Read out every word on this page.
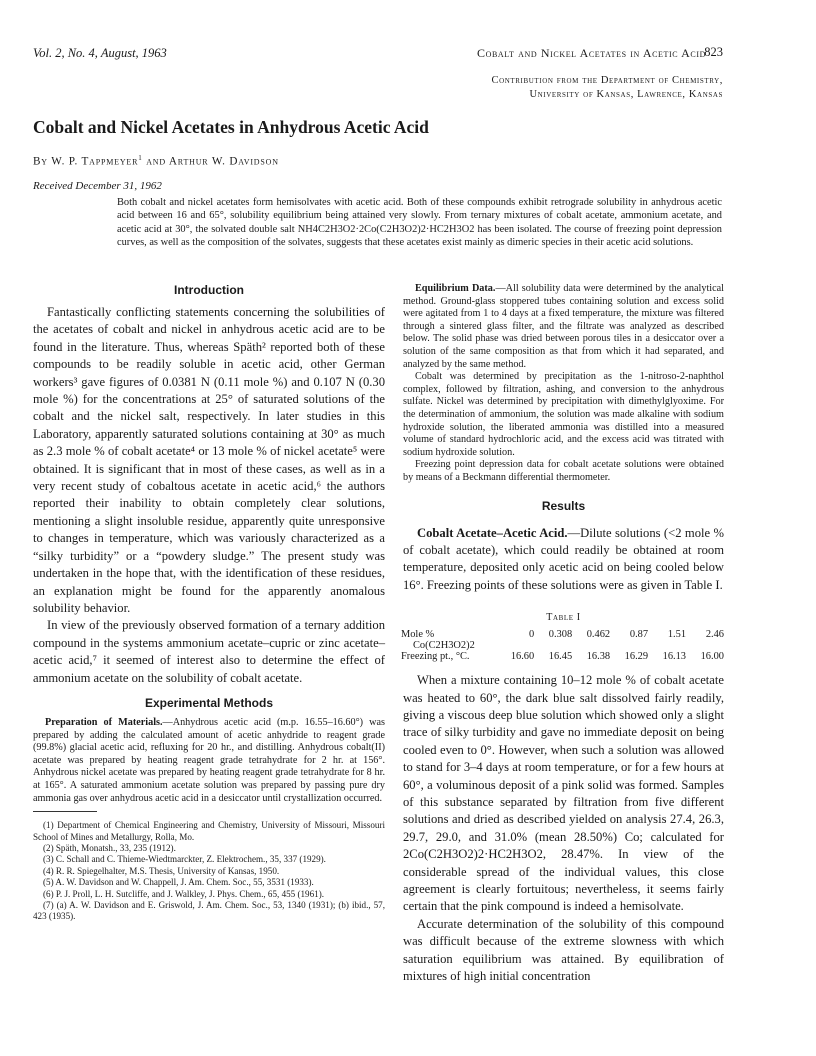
Vol. 2, No. 4, August, 1963	Cobalt and Nickel Acetates in Acetic Acid
823
Contribution from the Department of Chemistry,
University of Kansas, Lawrence, Kansas
Cobalt and Nickel Acetates in Anhydrous Acetic Acid
By W. P. Tappmeyer$^1$ and Arthur W. Davidson
Received December 31, 1962
Both cobalt and nickel acetates form hemisolvates with acetic acid. Both of these compounds exhibit retrograde solubility in anhydrous acetic acid between 16 and 65°, solubility equilibrium being attained very slowly. From ternary mixtures of cobalt acetate, ammonium acetate, and acetic acid at 30°, the solvated double salt NH4C2H3O2·2Co(C2H3O2)2·HC2H3O2 has been isolated. The course of freezing point depression curves, as well as the composition of the solvates, suggests that these acetates exist mainly as dimeric species in their acetic acid solutions.
Introduction

Fantastically conflicting statements concerning the solubilities of the acetates of cobalt and nickel in anhydrous acetic acid are to be found in the literature. Thus, whereas Späth² reported both of these compounds to be readily soluble in acetic acid, other German workers³ gave figures of 0.0381 N (0.11 mole %) and 0.107 N (0.30 mole %) for the concentrations at 25° of saturated solutions of the cobalt and the nickel salt, respectively. In later studies in this Laboratory, apparently saturated solutions containing at 30° as much as 2.3 mole % of cobalt acetate⁴ or 13 mole % of nickel acetate⁵ were obtained. It is significant that in most of these cases, as well as in a very recent study of cobaltous acetate in acetic acid,⁶ the authors reported their inability to obtain completely clear solutions, mentioning a slight insoluble residue, apparently quite unresponsive to changes in temperature, which was variously characterized as a “silky turbidity” or a “powdery sludge.” The present study was undertaken in the hope that, with the identification of these residues, an explanation might be found for the apparently anomalous solubility behavior.

In view of the previously observed formation of a ternary addition compound in the systems ammonium acetate–cupric or zinc acetate–acetic acid,⁷ it seemed of interest also to determine the effect of ammonium acetate on the solubility of cobalt acetate.

Experimental Methods

Preparation of Materials.—Anhydrous acetic acid (m.p. 16.55–16.60°) was prepared by adding the calculated amount of acetic anhydride to reagent grade (99.8%) glacial acetic acid, refluxing for 20 hr., and distilling. Anhydrous cobalt(II) acetate was prepared by heating reagent grade tetrahydrate for 2 hr. at 156°. Anhydrous nickel acetate was prepared by heating reagent grade tetrahydrate for 8 hr. at 165°. A saturated ammonium acetate solution was prepared by passing pure dry ammonia gas over anhydrous acetic acid in a desiccator until crystallization occurred.

(1) Department of Chemical Engineering and Chemistry, University of Missouri, Missouri School of Mines and Metallurgy, Rolla, Mo.

(2) Späth, Monatsh., 33, 235 (1912).

(3) C. Schall and C. Thieme-Wiedtmarckter, Z. Elektrochem., 35, 337 (1929).

(4) R. R. Spiegelhalter, M.S. Thesis, University of Kansas, 1950.

(5) A. W. Davidson and W. Chappell, J. Am. Chem. Soc., 55, 3531 (1933).

(6) P. J. Proll, L. H. Sutcliffe, and J. Walkley, J. Phys. Chem., 65, 455 (1961).

(7) (a) A. W. Davidson and E. Griswold, J. Am. Chem. Soc., 53, 1340 (1931); (b) ibid., 57, 423 (1935).

Equilibrium Data.—All solubility data were determined by the analytical method. Ground-glass stoppered tubes containing solution and excess solid were agitated from 1 to 4 days at a fixed temperature, the mixture was filtered through a sintered glass filter, and the filtrate was analyzed as described below. The solid phase was dried between porous tiles in a desiccator over a solution of the same composition as that from which it had separated, and analyzed by the same method.

Cobalt was determined by precipitation as the 1-nitroso-2-naphthol complex, followed by filtration, ashing, and conversion to the anhydrous sulfate. Nickel was determined by precipitation with dimethylglyoxime. For the determination of ammonium, the solution was made alkaline with sodium hydroxide solution, the liberated ammonia was distilled into a measured volume of standard hydrochloric acid, and the excess acid was titrated with sodium hydroxide solution.

Freezing point depression data for cobalt acetate solutions were obtained by means of a Beckmann differential thermometer.

Results

Cobalt Acetate–Acetic Acid.—Dilute solutions (<2 mole % of cobalt acetate), which could readily be obtained at room temperature, deposited only acetic acid on being cooled below 16°. Freezing points of these solutions were as given in Table I.

Table I
Mole %	0	0.308	0.462	0.87	1.51	2.46
Co(C2H3O2)2						
Freezing pt., °C.	16.60	16.45	16.38	16.29	16.13	16.00

When a mixture containing 10–12 mole % of cobalt acetate was heated to 60°, the dark blue salt dissolved fairly readily, giving a viscous deep blue solution which showed only a slight trace of silky turbidity and gave no immediate deposit on being cooled even to 0°. However, when such a solution was allowed to stand for 3–4 days at room temperature, or for a few hours at 60°, a voluminous deposit of a pink solid was formed. Samples of this substance separated by filtration from five different solutions and dried as described yielded on analysis 27.4, 26.3, 29.7, 29.0, and 31.0% (mean 28.50%) Co; calculated for 2Co(C2H3O2)2·HC2H3O2, 28.47%. In view of the considerable spread of the individual values, this close agreement is clearly fortuitous; nevertheless, it seems fairly certain that the pink compound is indeed a hemisolvate.

Accurate determination of the solubility of this compound was difficult because of the extreme slowness with which saturation equilibrium was attained. By equilibration of mixtures of high initial concentration
